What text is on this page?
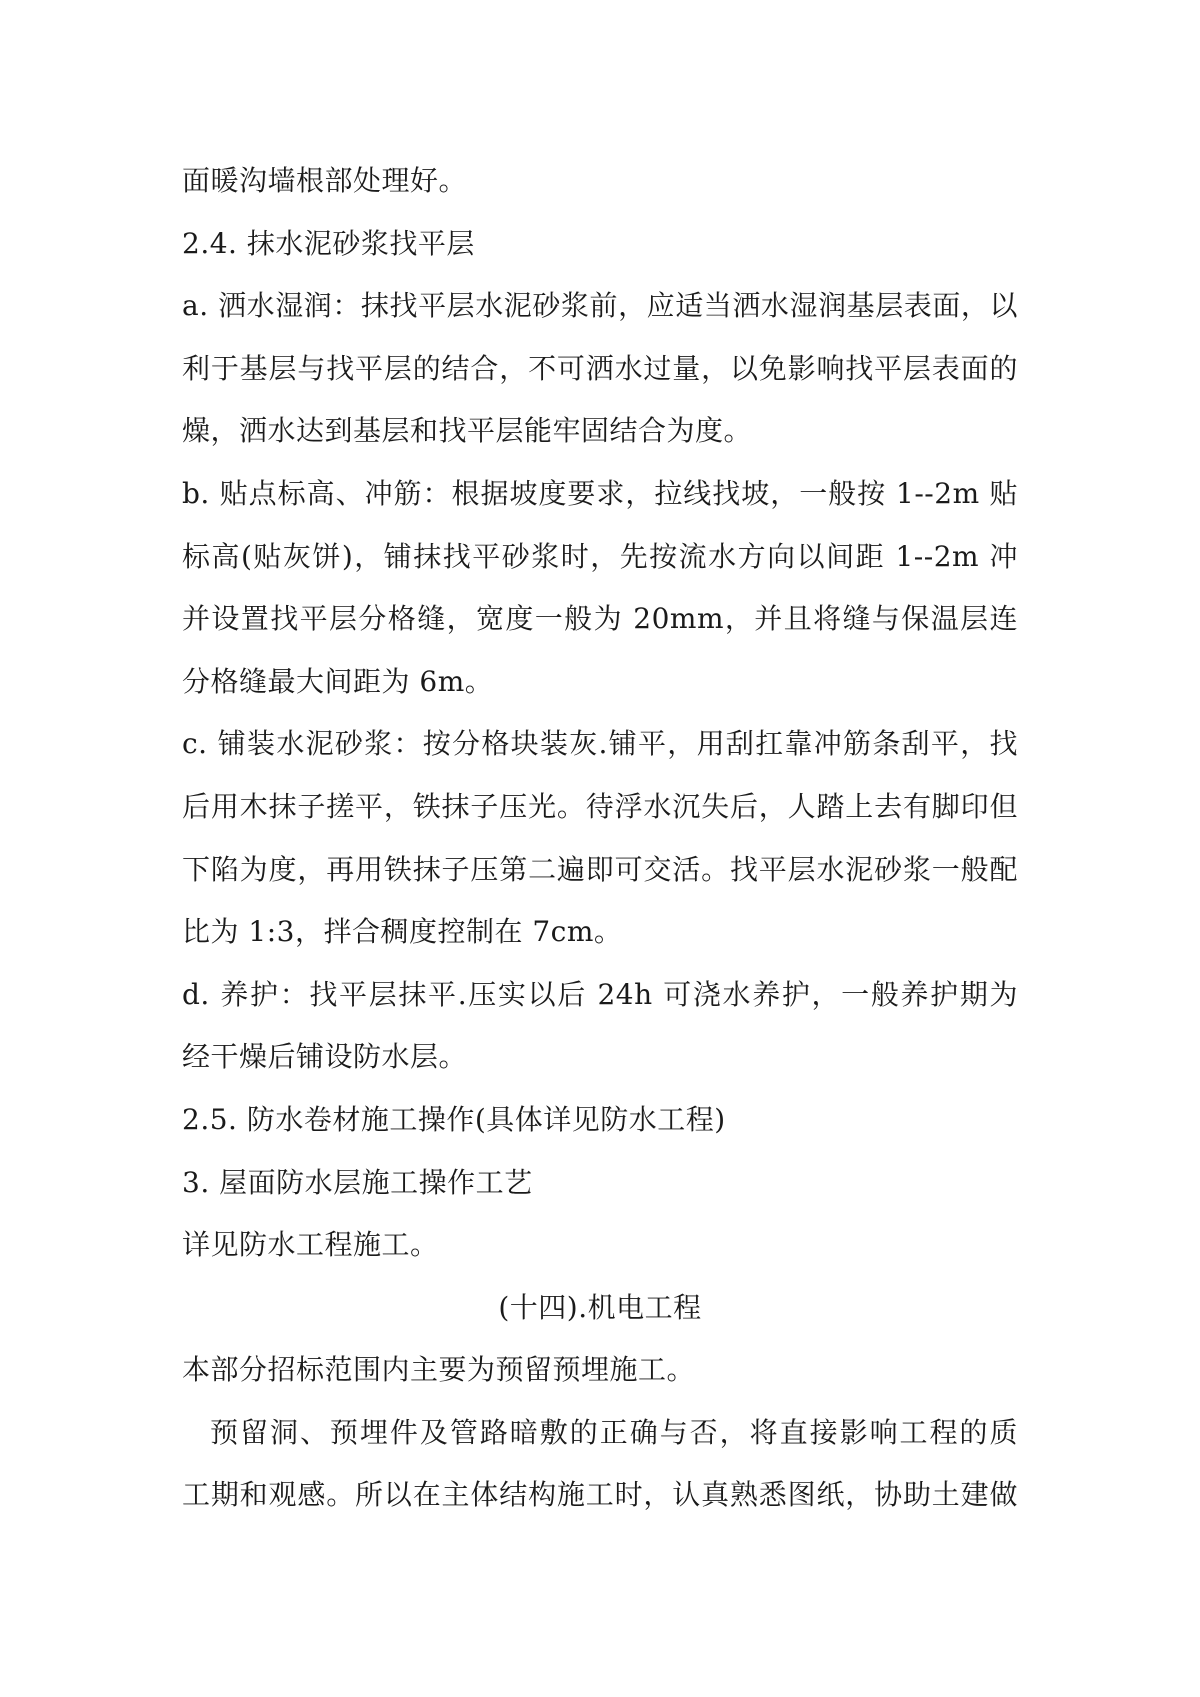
面暖沟墙根部处理好。
2.4. 抹水泥砂浆找平层
a. 洒水湿润：抹找平层水泥砂浆前，应适当洒水湿润基层表面，以
利于基层与找平层的结合，不可洒水过量，以免影响找平层表面的
燥，洒水达到基层和找平层能牢固结合为度。
b. 贴点标高、冲筋：根据坡度要求，拉线找坡，一般按 1--2m 贴
标高(贴灰饼)，铺抹找平砂浆时，先按流水方向以间距 1--2m 冲
并设置找平层分格缝，宽度一般为 20mm，并且将缝与保温层连
分格缝最大间距为 6m。
c. 铺装水泥砂浆：按分格块装灰.铺平，用刮扛靠冲筋条刮平，找
后用木抹子搓平，铁抹子压光。待浮水沉失后，人踏上去有脚印但
下陷为度，再用铁抹子压第二遍即可交活。找平层水泥砂浆一般配
比为 1:3，拌合稠度控制在 7cm。
d. 养护：找平层抹平.压实以后 24h 可浇水养护，一般养护期为
经干燥后铺设防水层。
2.5. 防水卷材施工操作(具体详见防水工程)
3. 屋面防水层施工操作工艺
详见防水工程施工。
(十四).机电工程
本部分招标范围内主要为预留预埋施工。
预留洞、预埋件及管路暗敷的正确与否，将直接影响工程的质
工期和观感。所以在主体结构施工时，认真熟悉图纸，协助土建做
